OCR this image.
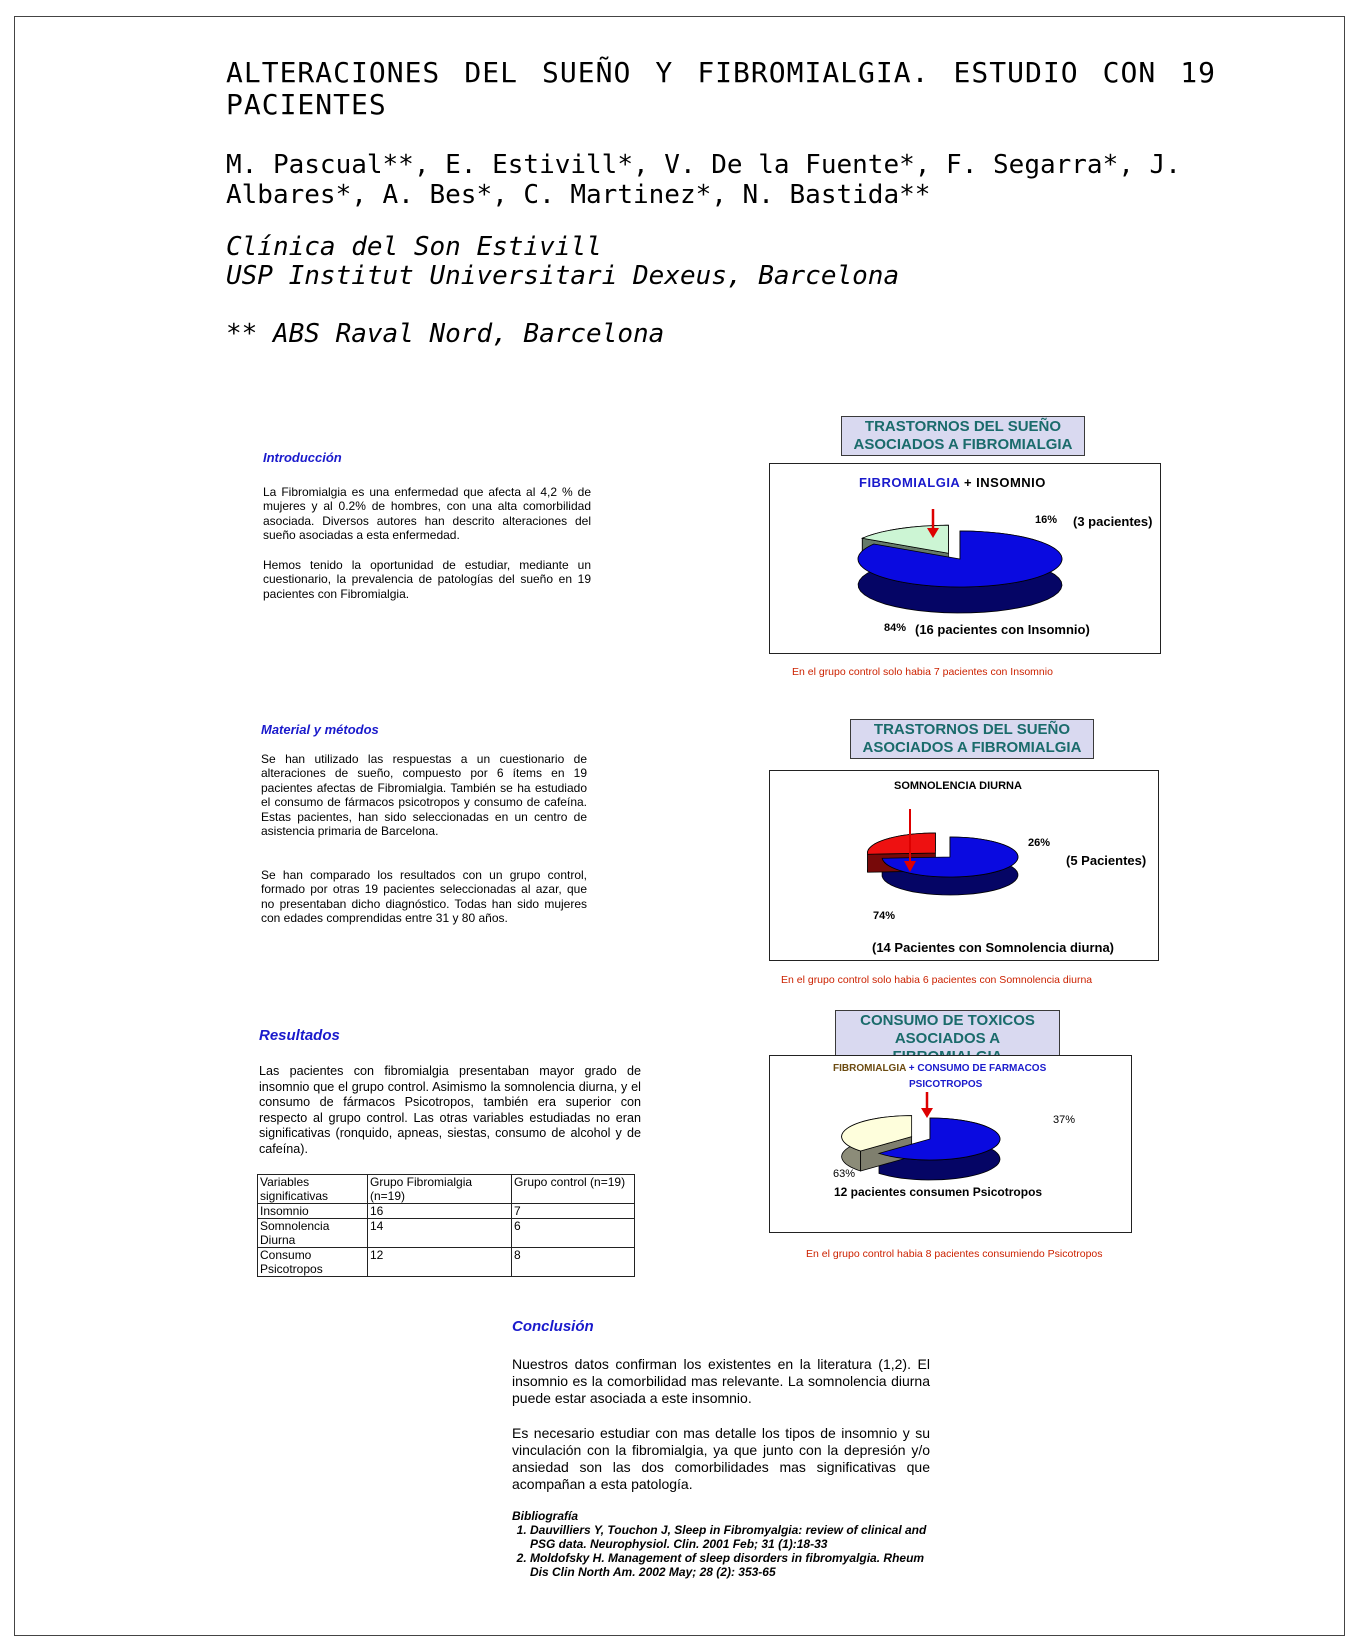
ALTERACIONES DEL SUEÑO Y FIBROMIALGIA. ESTUDIO CON 19 PACIENTES
M. Pascual**, E. Estivill*, V. De la Fuente*, F. Segarra*, J. Albares*, A. Bes*, C. Martinez*, N. Bastida**
Clínica del Son Estivill
USP Institut Universitari Dexeus, Barcelona
** ABS Raval Nord, Barcelona
Introducción

La Fibromialgia es una enfermedad que afecta al 4,2 % de mujeres y al 0.2% de hombres, con una alta comorbilidad asociada. Diversos autores han descrito alteraciones del sueño asociadas a esta enfermedad.

Hemos tenido la oportunidad de estudiar, mediante un cuestionario, la prevalencia de patologías del sueño en 19 pacientes con Fibromialgia.

Material y métodos

Se han utilizado las respuestas a un cuestionario de alteraciones de sueño, compuesto por 6 ítems en 19 pacientes afectas de Fibromialgia. También se ha estudiado el consumo de fármacos psicotropos y consumo de cafeína. Estas pacientes, han sido seleccionadas en un centro de asistencia primaria de Barcelona.

Se han comparado los resultados con un grupo control, formado por otras 19 pacientes seleccionadas al azar, que no presentaban dicho diagnóstico. Todas han sido mujeres con edades comprendidas entre 31 y 80 años.

Resultados

Las pacientes con fibromialgia presentaban mayor grado de insomnio que el grupo control. Asimismo la somnolencia diurna, y el consumo de fármacos Psicotropos, también era superior con respecto al grupo control. Las otras variables estudiadas no eran significativas (ronquido, apneas, siestas, consumo de alcohol y de cafeína).

Variables significativas	Grupo Fibromialgia (n=19)	Grupo control (n=19)
Insomnio	16	7
Somnolencia Diurna	14	6
Consumo Psicotropos	12	8
Conclusión

Nuestros datos confirman los existentes en la literatura (1,2). El insomnio es la comorbilidad mas relevante. La somnolencia diurna puede estar asociada a este insomnio.

Es necesario estudiar con mas detalle los tipos de insomnio y su vinculación con la fibromialgia, ya que junto con la depresión y/o ansiedad son las dos comorbilidades mas significativas que acompañan a esta patología.

Bibliografía
1. Dauvilliers Y, Touchon J, Sleep in Fibromyalgia: review of clinical and PSG data. Neurophysiol. Clin. 2001 Feb; 31 (1):18-33
2. Moldofsky H. Management of sleep disorders in fibromyalgia. Rheum Dis Clin North Am. 2002 May; 28 (2): 353-65
TRASTORNOS DEL SUEÑO
ASOCIADOS A FIBROMIALGIA
FIBROMIALGIA + INSOMNIO
16% (3 pacientes)
84% (16 pacientes con Insomnio)
En el grupo control solo habia 7 pacientes con Insomnio
TRASTORNOS DEL SUEÑO
ASOCIADOS A FIBROMIALGIA
SOMNOLENCIA DIURNA
26%
(5 Pacientes)
74%
(14 Pacientes con Somnolencia diurna)
En el grupo control solo habia 6 pacientes con Somnolencia diurna
CONSUMO DE TOXICOS
ASOCIADOS A
FIBROMIALGIA + CONSUMO DE FARMACOS
PSICOTROPOS
37%
63%
12 pacientes consumen Psicotropos
En el grupo control habia 8 pacientes consumiendo Psicotropos
